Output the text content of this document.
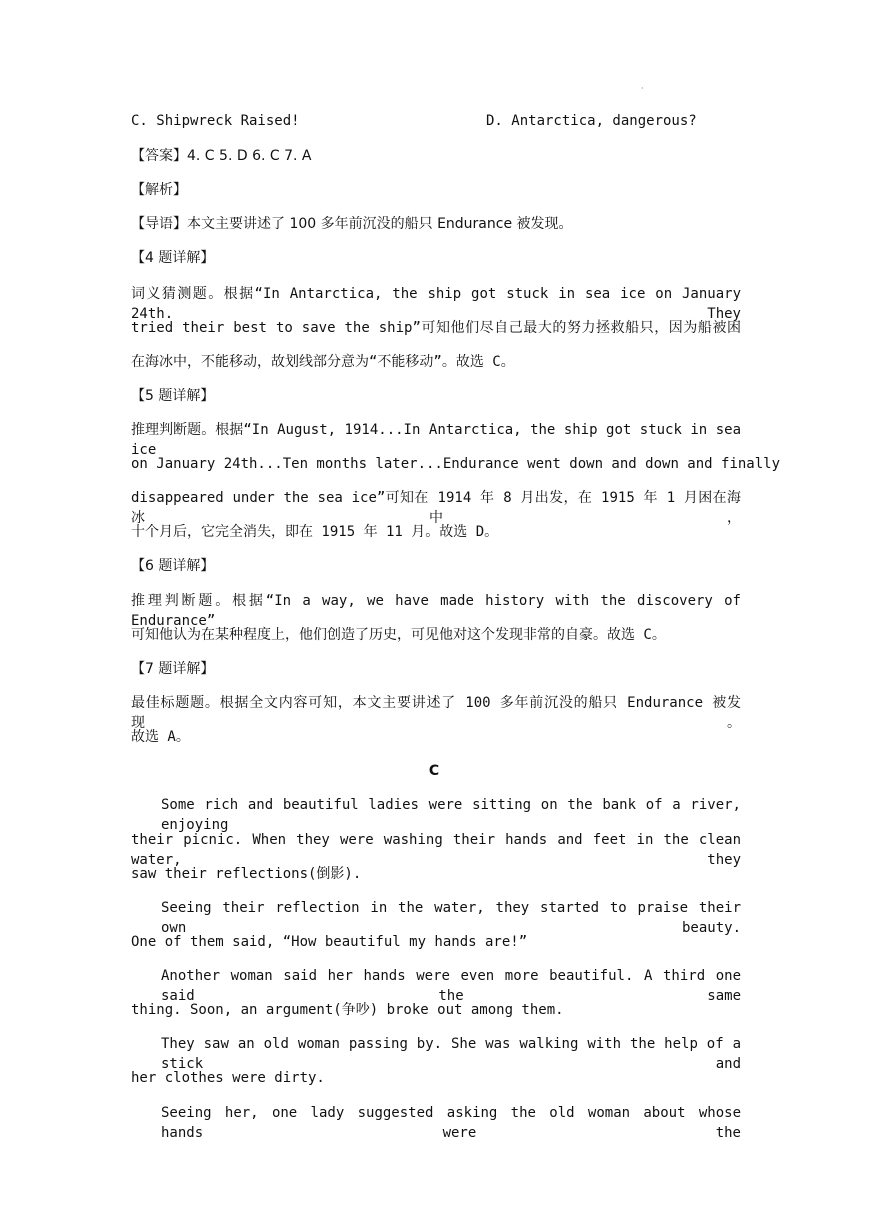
·
C. Shipwreck Raised!	D. Antarctica, dangerous?
【答案】4. C 5. D 6. C 7. A
【解析】
【导语】本文主要讲述了 100 多年前沉没的船只 Endurance 被发现。
【4 题详解】
词义猜测题。根据“In Antarctica, the ship got stuck in sea ice on January 24th. They
tried their best to save the ship”可知他们尽自己最大的努力拯救船只，因为船被困
在海冰中，不能移动，故划线部分意为“不能移动”。故选 C。
【5 题详解】
推理判断题。根据“In August, 1914...In Antarctica, the ship got stuck in sea ice
on January 24th...Ten months later...Endurance went down and down and finally
disappeared under the sea ice”可知在 1914 年 8 月出发，在 1915 年 1 月困在海冰中，
十个月后，它完全消失，即在 1915 年 11 月。故选 D。
【6 题详解】
推理判断题。根据“In a way, we have made history with the discovery of Endurance”
可知他认为在某种程度上，他们创造了历史，可见他对这个发现非常的自豪。故选 C。
【7 题详解】
最佳标题题。根据全文内容可知，本文主要讲述了 100 多年前沉没的船只 Endurance 被发现。
故选 A。
C
Some rich and beautiful ladies were sitting on the bank of a river, enjoying
their picnic. When they were washing their hands and feet in the clean water, they
saw their reflections(倒影).
Seeing their reflection in the water, they started to praise their own beauty.
One of them said, “How beautiful my hands are!”
Another woman said her hands were even more beautiful. A third one said the same
thing. Soon, an argument(争吵) broke out among them.
They saw an old woman passing by. She was walking with the help of a stick and
her clothes were dirty.
Seeing her, one lady suggested asking the old woman about whose hands were the
